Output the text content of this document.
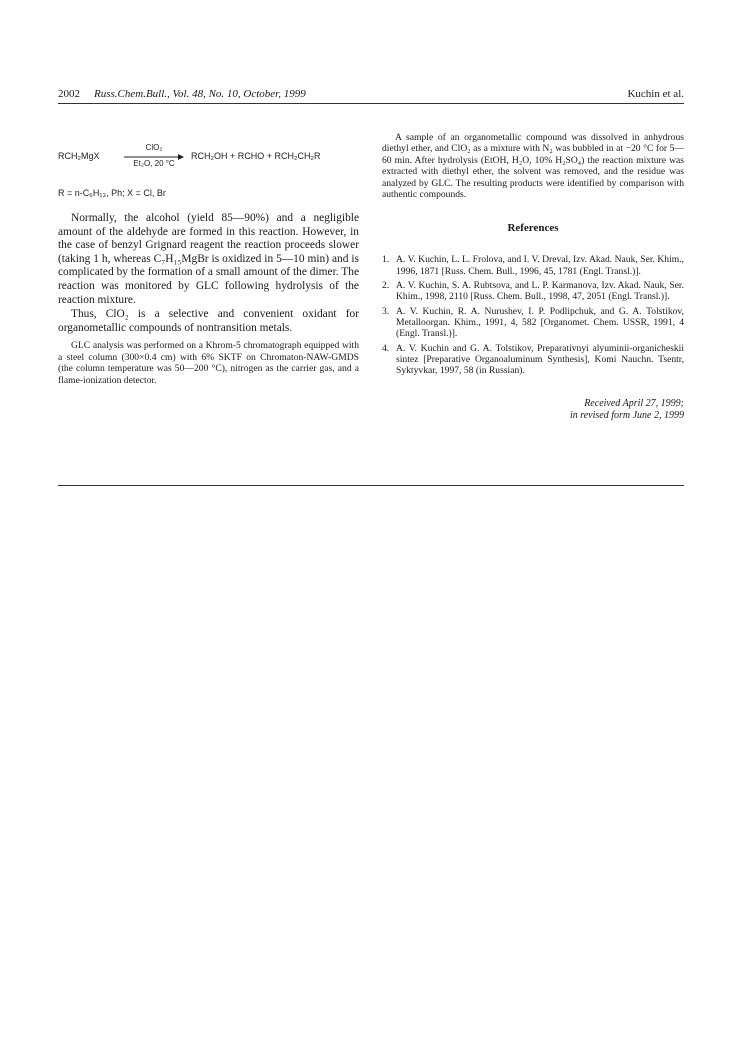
2002 Russ.Chem.Bull., Vol. 48, No. 10, October, 1999	Kuchin et al.
RCH₂MgX
ClO₂
Et₂O, 20 °C
RCH₂OH + RCHO + RCH₂CH₂R
R = n-C₆H₁₃, Ph; X = Cl, Br

Normally, the alcohol (yield 85—90%) and a negligible amount of the aldehyde are formed in this reaction. However, in the case of benzyl Grignard reagent the reaction proceeds slower (taking 1 h, whereas C₇H₁₅MgBr is oxidized in 5—10 min) and is complicated by the formation of a small amount of the dimer. The reaction was monitored by GLC following hydrolysis of the reaction mixture.

Thus, ClO₂ is a selective and convenient oxidant for organometallic compounds of nontransition metals.

GLC analysis was performed on a Khrom-5 chromatograph equipped with a steel column (300×0.4 cm) with 6% SKTF on Chromaton-NAW-GMDS (the column temperature was 50—200 °C), nitrogen as the carrier gas, and a flame-ionization detector.

A sample of an organometallic compound was dissolved in anhydrous diethyl ether, and ClO₂ as a mixture with N₂ was bubbled in at −20 °C for 5—60 min. After hydrolysis (EtOH, H₂O, 10% H₂SO₄) the reaction mixture was extracted with diethyl ether, the solvent was removed, and the residue was analyzed by GLC. The resulting products were identified by comparison with authentic compounds.

References
1. A. V. Kuchin, L. L. Frolova, and I. V. Dreval, Izv. Akad. Nauk, Ser. Khim., 1996, 1871 [Russ. Chem. Bull., 1996, 45, 1781 (Engl. Transl.)].
2. A. V. Kuchin, S. A. Rubtsova, and L. P. Karmanova, Izv. Akad. Nauk, Ser. Khim., 1998, 2110 [Russ. Chem. Bull., 1998, 47, 2051 (Engl. Transl.)].
3. A. V. Kuchin, R. A. Nurushev, I. P. Podlipchuk, and G. A. Tolstikov, Metalloorgan. Khim., 1991, 4, 582 [Organomet. Chem. USSR, 1991, 4 (Engl. Transl.)].
4. A. V. Kuchin and G. A. Tolstikov, Preparativnyi alyuminii-organicheskii sintez [Preparative Organoaluminum Synthesis], Komi Nauchn. Tsentr, Syktyvkar, 1997, 58 (in Russian).
Received April 27, 1999;
in revised form June 2, 1999
